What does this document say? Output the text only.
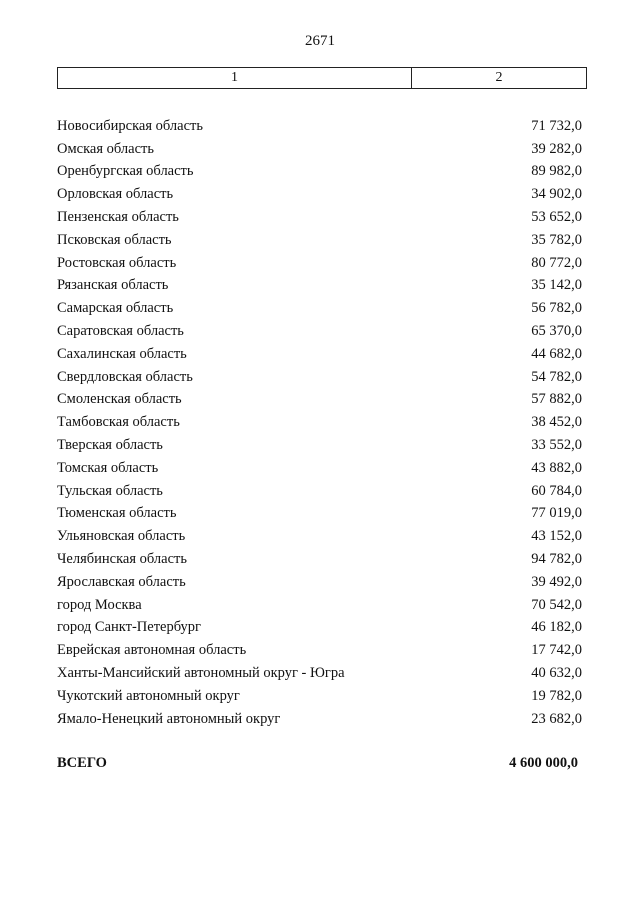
2671
1	2
Новосибирская область	71 732,0
Омская область	39 282,0
Оренбургская область	89 982,0
Орловская область	34 902,0
Пензенская область	53 652,0
Псковская область	35 782,0
Ростовская область	80 772,0
Рязанская область	35 142,0
Самарская область	56 782,0
Саратовская область	65 370,0
Сахалинская область	44 682,0
Свердловская область	54 782,0
Смоленская область	57 882,0
Тамбовская область	38 452,0
Тверская область	33 552,0
Томская область	43 882,0
Тульская область	60 784,0
Тюменская область	77 019,0
Ульяновская область	43 152,0
Челябинская область	94 782,0
Ярославская область	39 492,0
город Москва	70 542,0
город Санкт-Петербург	46 182,0
Еврейская автономная область	17 742,0
Ханты-Мансийский автономный округ - Югра	40 632,0
Чукотский автономный округ	19 782,0
Ямало-Ненецкий автономный округ	23 682,0
ВСЕГО	4 600 000,0
